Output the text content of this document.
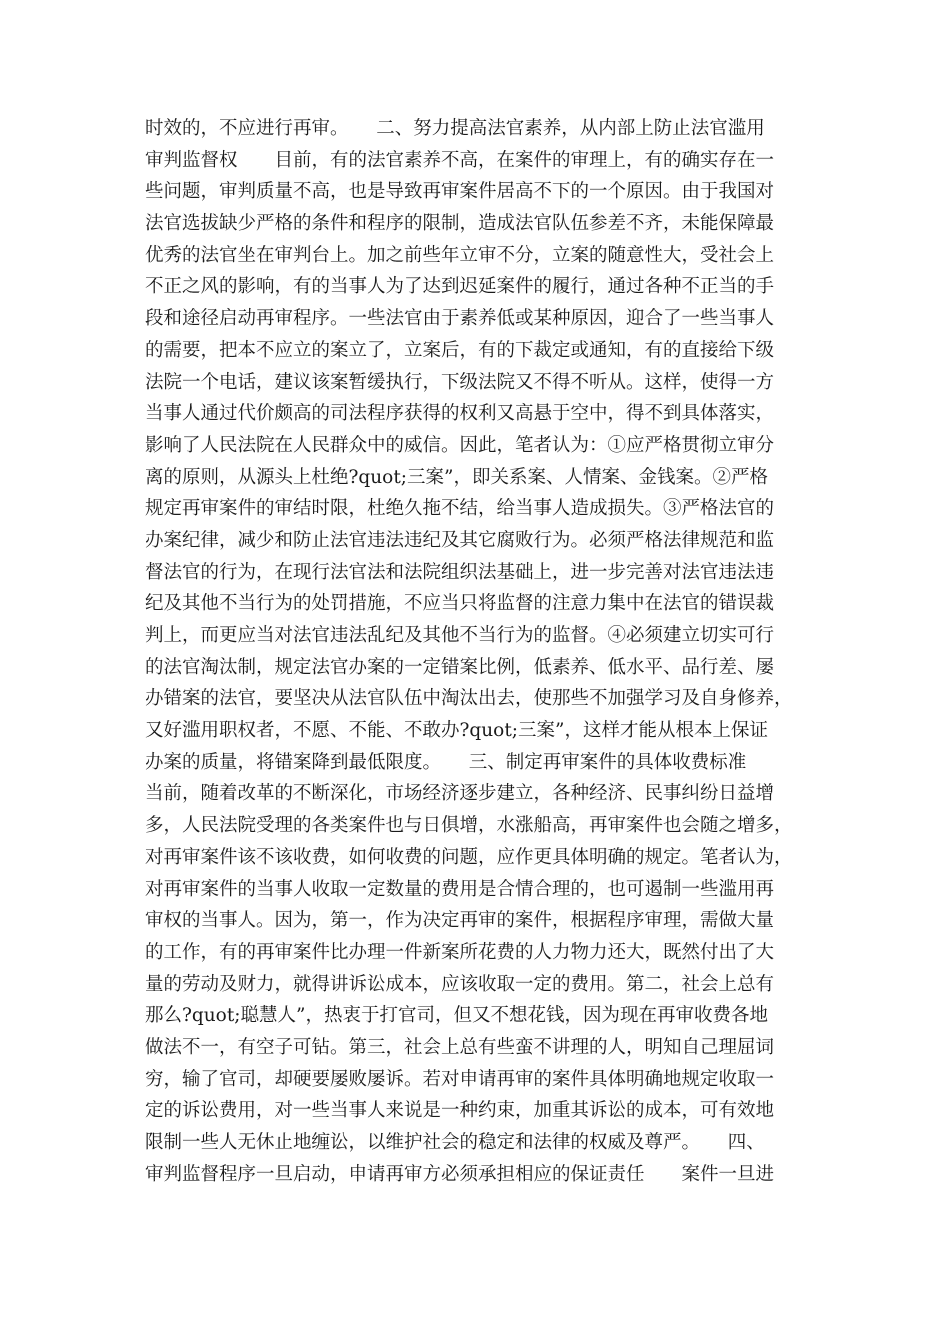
时效的，不应进行再审。　　二、努力提高法官素养，从内部上防止法官滥用
审判监督权　　目前，有的法官素养不高，在案件的审理上，有的确实存在一
些问题，审判质量不高，也是导致再审案件居高不下的一个原因。由于我国对
法官选拔缺少严格的条件和程序的限制，造成法官队伍参差不齐，未能保障最
优秀的法官坐在审判台上。加之前些年立审不分，立案的随意性大，受社会上
不正之风的影响，有的当事人为了达到迟延案件的履行，通过各种不正当的手
段和途径启动再审程序。一些法官由于素养低或某种原因，迎合了一些当事人
的需要，把本不应立的案立了，立案后，有的下裁定或通知，有的直接给下级
法院一个电话，建议该案暂缓执行，下级法院又不得不听从。这样，使得一方
当事人通过代价颇高的司法程序获得的权利又高悬于空中，得不到具体落实，
影响了人民法院在人民群众中的威信。因此，笔者认为：①应严格贯彻立审分
离的原则，从源头上杜绝?quot;三案”，即关系案、人情案、金钱案。②严格
规定再审案件的审结时限，杜绝久拖不结，给当事人造成损失。③严格法官的
办案纪律，减少和防止法官违法违纪及其它腐败行为。必须严格法律规范和监
督法官的行为，在现行法官法和法院组织法基础上，进一步完善对法官违法违
纪及其他不当行为的处罚措施，不应当只将监督的注意力集中在法官的错误裁
判上，而更应当对法官违法乱纪及其他不当行为的监督。④必须建立切实可行
的法官淘汰制，规定法官办案的一定错案比例，低素养、低水平、品行差、屡
办错案的法官，要坚决从法官队伍中淘汰出去，使那些不加强学习及自身修养，
又好滥用职权者，不愿、不能、不敢办?quot;三案”，这样才能从根本上保证
办案的质量，将错案降到最低限度。　　三、制定再审案件的具体收费标准
当前，随着改革的不断深化，市场经济逐步建立，各种经济、民事纠纷日益增
多，人民法院受理的各类案件也与日俱增，水涨船高，再审案件也会随之增多，
对再审案件该不该收费，如何收费的问题，应作更具体明确的规定。笔者认为，
对再审案件的当事人收取一定数量的费用是合情合理的，也可遏制一些滥用再
审权的当事人。因为，第一，作为决定再审的案件，根据程序审理，需做大量
的工作，有的再审案件比办理一件新案所花费的人力物力还大，既然付出了大
量的劳动及财力，就得讲诉讼成本，应该收取一定的费用。第二，社会上总有
那么?quot;聪慧人”，热衷于打官司，但又不想花钱，因为现在再审收费各地
做法不一，有空子可钻。第三，社会上总有些蛮不讲理的人，明知自己理屈词
穷，输了官司，却硬要屡败屡诉。若对申请再审的案件具体明确地规定收取一
定的诉讼费用，对一些当事人来说是一种约束，加重其诉讼的成本，可有效地
限制一些人无休止地缠讼，以维护社会的稳定和法律的权威及尊严。　　四、
审判监督程序一旦启动，申请再审方必须承担相应的保证责任　　案件一旦进
